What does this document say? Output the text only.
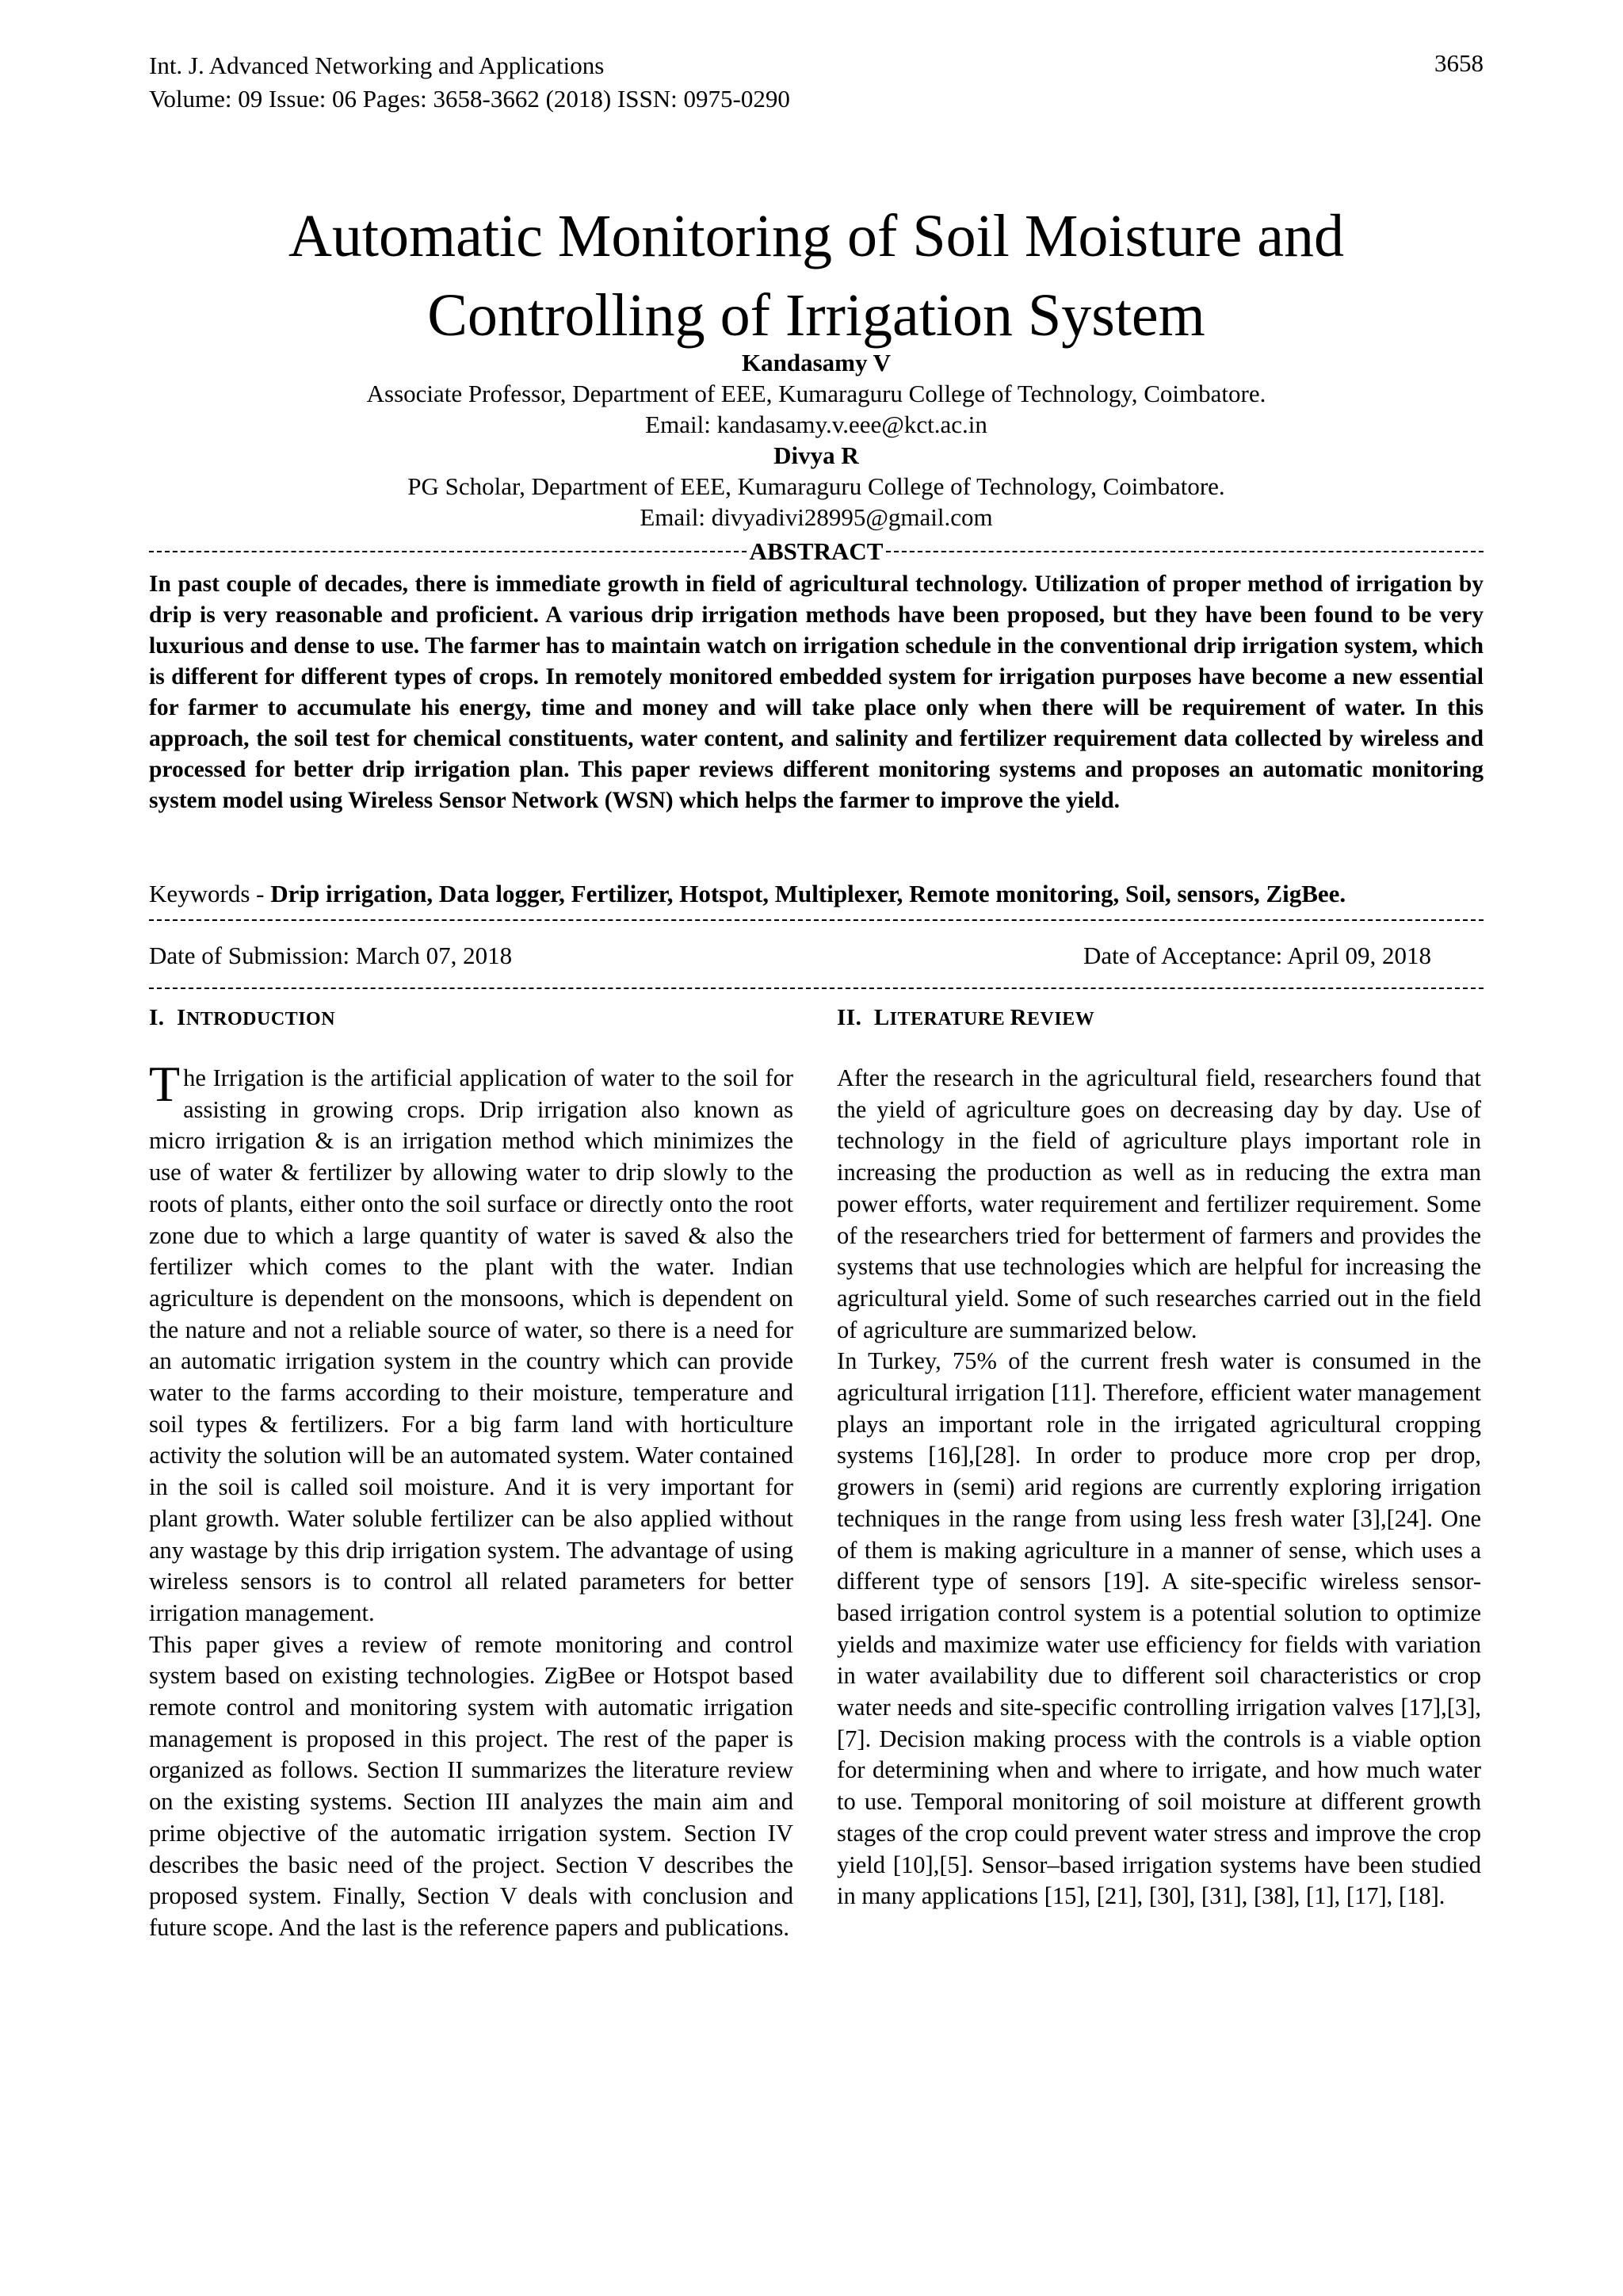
Int. J. Advanced Networking and Applications
Volume: 09 Issue: 06 Pages: 3658-3662 (2018) ISSN: 0975-0290
3658
Automatic Monitoring of Soil Moisture and
Controlling of Irrigation System
Kandasamy V
Associate Professor, Department of EEE, Kumaraguru College of Technology, Coimbatore.
Email: kandasamy.v.eee@kct.ac.in
Divya R
PG Scholar, Department of EEE, Kumaraguru College of Technology, Coimbatore.
Email: divyadivi28995@gmail.com
ABSTRACT

In past couple of decades, there is immediate growth in field of agricultural technology. Utilization of proper method of irrigation by drip is very reasonable and proficient. A various drip irrigation methods have been proposed, but they have been found to be very luxurious and dense to use. The farmer has to maintain watch on irrigation schedule in the conventional drip irrigation system, which is different for different types of crops. In remotely monitored embedded system for irrigation purposes have become a new essential for farmer to accumulate his energy, time and money and will take place only when there will be requirement of water. In this approach, the soil test for chemical constituents, water content, and salinity and fertilizer requirement data collected by wireless and processed for better drip irrigation plan. This paper reviews different monitoring systems and proposes an automatic monitoring system model using Wireless Sensor Network (WSN) which helps the farmer to improve the yield.

Keywords - Drip irrigation, Data logger, Fertilizer, Hotspot, Multiplexer, Remote monitoring, Soil, sensors, ZigBee.
Date of Submission: March 07, 2018	Date of Acceptance: April 09, 2018
I. INTRODUCTION

The Irrigation is the artificial application of water to the soil for assisting in growing crops. Drip irrigation also known as micro irrigation & is an irrigation method which minimizes the use of water & fertilizer by allowing water to drip slowly to the roots of plants, either onto the soil surface or directly onto the root zone due to which a large quantity of water is saved & also the fertilizer which comes to the plant with the water. Indian agriculture is dependent on the monsoons, which is dependent on the nature and not a reliable source of water, so there is a need for an automatic irrigation system in the country which can provide water to the farms according to their moisture, temperature and soil types & fertilizers. For a big farm land with horticulture activity the solution will be an automated system. Water contained in the soil is called soil moisture. And it is very important for plant growth. Water soluble fertilizer can be also applied without any wastage by this drip irrigation system. The advantage of using wireless sensors is to control all related parameters for better irrigation management.

This paper gives a review of remote monitoring and control system based on existing technologies. ZigBee or Hotspot based remote control and monitoring system with automatic irrigation management is proposed in this project. The rest of the paper is organized as follows. Section II summarizes the literature review on the existing systems. Section III analyzes the main aim and prime objective of the automatic irrigation system. Section IV describes the basic need of the project. Section V describes the proposed system. Finally, Section V deals with conclusion and future scope. And the last is the reference papers and publications.

II. LITERATURE REVIEW

After the research in the agricultural field, researchers found that the yield of agriculture goes on decreasing day by day. Use of technology in the field of agriculture plays important role in increasing the production as well as in reducing the extra man power efforts, water requirement and fertilizer requirement. Some of the researchers tried for betterment of farmers and provides the systems that use technologies which are helpful for increasing the agricultural yield. Some of such researches carried out in the field of agriculture are summarized below.

In Turkey, 75% of the current fresh water is consumed in the agricultural irrigation [11]. Therefore, efficient water management plays an important role in the irrigated agricultural cropping systems [16],[28]. In order to produce more crop per drop, growers in (semi) arid regions are currently exploring irrigation techniques in the range from using less fresh water [3],[24]. One of them is making agriculture in a manner of sense, which uses a different type of sensors [19]. A site-specific wireless sensor-based irrigation control system is a potential solution to optimize yields and maximize water use efficiency for fields with variation in water availability due to different soil characteristics or crop water needs and site-specific controlling irrigation valves [17],[3],[7]. Decision making process with the controls is a viable option for determining when and where to irrigate, and how much water to use. Temporal monitoring of soil moisture at different growth stages of the crop could prevent water stress and improve the crop yield [10],[5]. Sensor–based irrigation systems have been studied in many applications [15], [21], [30], [31], [38], [1], [17], [18].
